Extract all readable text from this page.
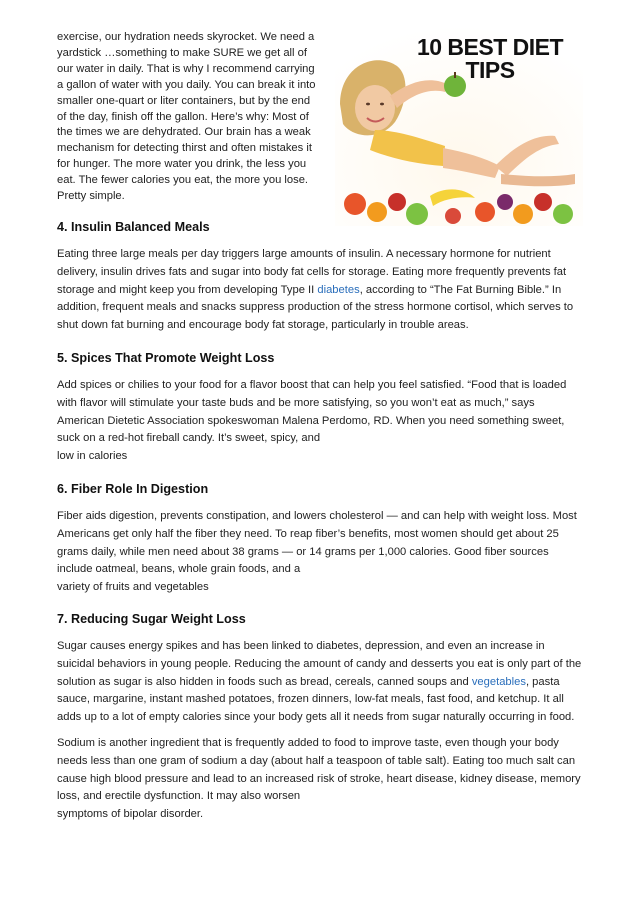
exercise, our hydration needs skyrocket. We need a yardstick …something to make SURE we get all of our water in daily. That is why I recommend carrying a gallon of water with you daily. You can break it into smaller one-quart or liter containers, but by the end of the day, finish off the gallon. Here’s why: Most of the times we are dehydrated. Our brain has a weak mechanism for detecting thirst and often mistakes it for hunger. The more water you drink, the less you eat. The fewer calories you eat, the more you lose. Pretty simple.
10 BEST DIET
TIPS

4. Insulin Balanced Meals

Eating three large meals per day triggers large amounts of insulin. A necessary hormone for nutrient delivery, insulin drives fats and sugar into body fat cells for storage. Eating more frequently prevents fat storage and might keep you from developing Type II diabetes, according to “The Fat Burning Bible.” In addition, frequent meals and snacks suppress production of the stress hormone cortisol, which serves to shut down fat burning and encourage body fat storage, particularly in trouble areas.

5. Spices That Promote Weight Loss

Add spices or chilies to your food for a flavor boost that can help you feel satisfied. “Food that is loaded with flavor will stimulate your taste buds and be more satisfying, so you won’t eat as much,” says American Dietetic Association spokeswoman Malena Perdomo, RD. When you need something sweet, suck on a red-hot fireball candy. It’s sweet, spicy, and

low in calories

6. Fiber Role In Digestion

Fiber aids digestion, prevents constipation, and lowers cholesterol — and can help with weight loss. Most Americans get only half the fiber they need. To reap fiber’s benefits, most women should get about 25 grams daily, while men need about 38 grams — or 14 grams per 1,000 calories. Good fiber sources include oatmeal, beans, whole grain foods, and a

variety of fruits and vegetables

7. Reducing Sugar Weight Loss

Sugar causes energy spikes and has been linked to diabetes, depression, and even an increase in suicidal behaviors in young people. Reducing the amount of candy and desserts you eat is only part of the solution as sugar is also hidden in foods such as bread, cereals, canned soups and vegetables, pasta sauce, margarine, instant mashed potatoes, frozen dinners, low-fat meals, fast food, and ketchup. It all adds up to a lot of empty calories since your body gets all it needs from sugar naturally occurring in food.

Sodium is another ingredient that is frequently added to food to improve taste, even though your body needs less than one gram of sodium a day (about half a teaspoon of table salt). Eating too much salt can cause high blood pressure and lead to an increased risk of stroke, heart disease, kidney disease, memory loss, and erectile dysfunction. It may also worsen

symptoms of bipolar disorder.
